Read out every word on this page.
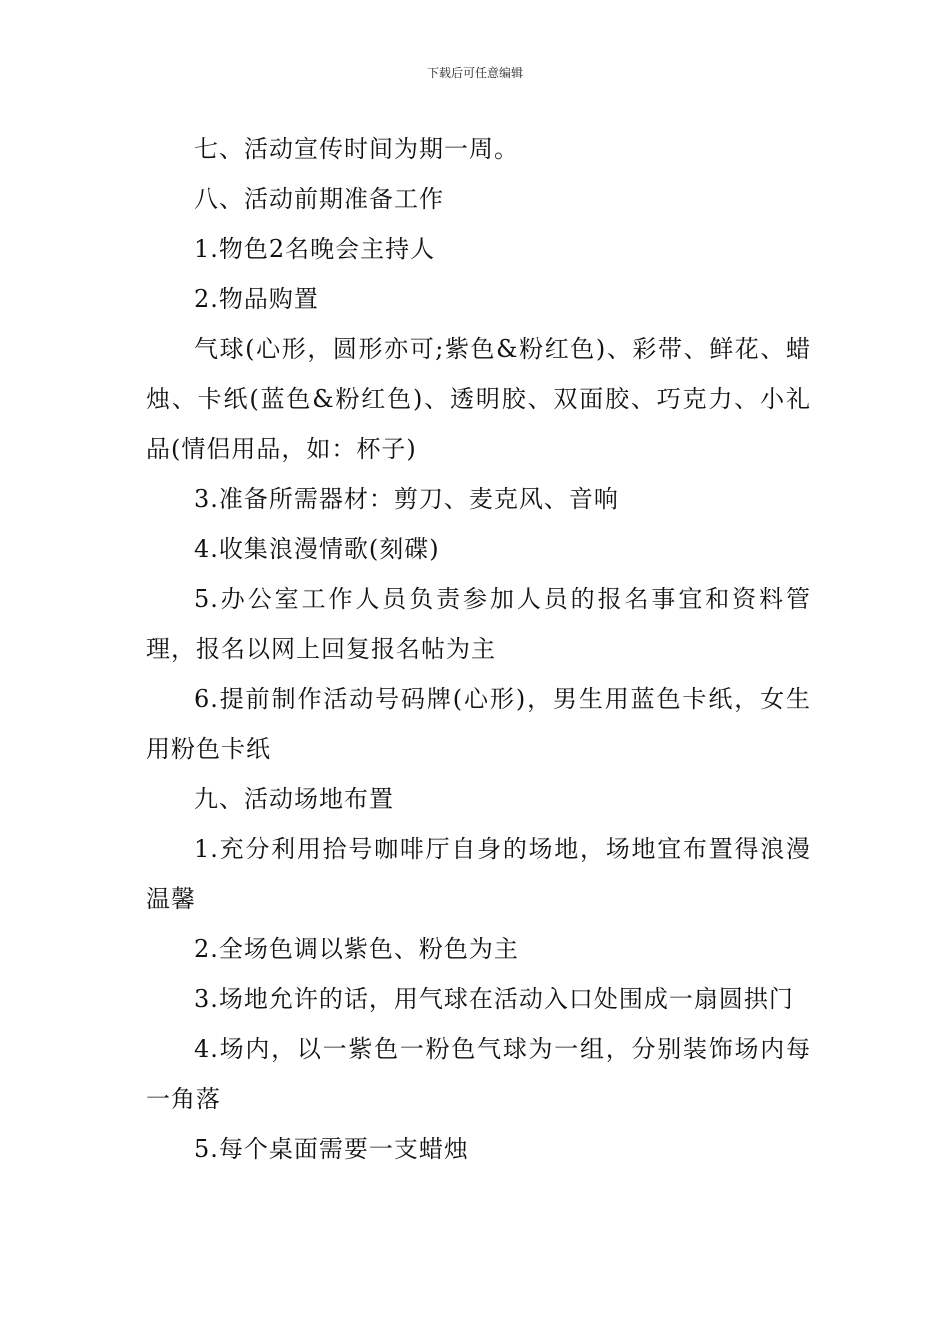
下载后可任意编辑

七、活动宣传时间为期一周。

八、活动前期准备工作

1.物色2名晚会主持人

2.物品购置

气球(心形，圆形亦可;紫色&粉红色)、彩带、鲜花、蜡烛、卡纸(蓝色&粉红色)、透明胶、双面胶、巧克力、小礼品(情侣用品，如：杯子)

3.准备所需器材：剪刀、麦克风、音响

4.收集浪漫情歌(刻碟)

5.办公室工作人员负责参加人员的报名事宜和资料管理，报名以网上回复报名帖为主

6.提前制作活动号码牌(心形)，男生用蓝色卡纸，女生用粉色卡纸

九、活动场地布置

1.充分利用拾号咖啡厅自身的场地，场地宜布置得浪漫温馨

2.全场色调以紫色、粉色为主

3.场地允许的话，用气球在活动入口处围成一扇圆拱门

4.场内，以一紫色一粉色气球为一组，分别装饰场内每一角落

5.每个桌面需要一支蜡烛
